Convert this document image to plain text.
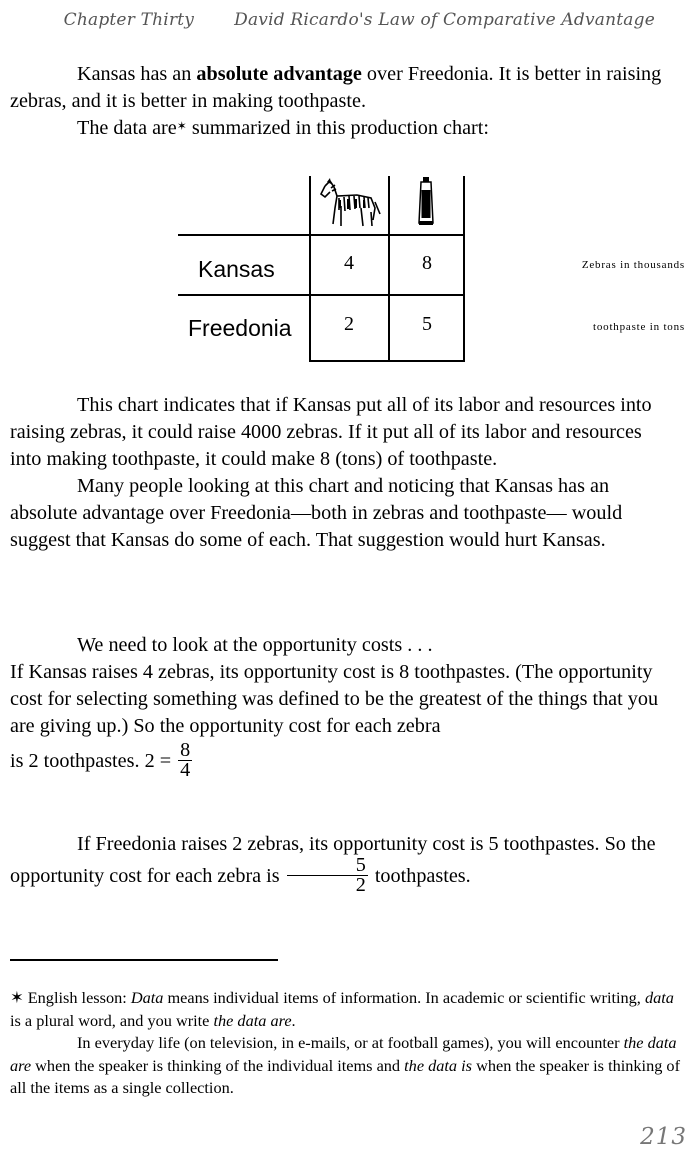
Chapter Thirty David Ricardo's Law of Comparative Advantage

Kansas has an absolute advantage over Freedonia. It is better in raising zebras, and it is better in making toothpaste.

The data are✶ summarized in this production chart:

Kansas	4	8
Freedonia	2	5
Zebras in thousands
toothpaste in tons

This chart indicates that if Kansas put all of its labor and resources into raising zebras, it could raise 4000 zebras. If it put all of its labor and resources into making toothpaste, it could make 8 (tons) of toothpaste.

Many people looking at this chart and noticing that Kansas has an absolute advantage over Freedonia—both in zebras and toothpaste— would suggest that Kansas do some of each. That suggestion would hurt Kansas.

We need to look at the opportunity costs . . .

If Kansas raises 4 zebras, its opportunity cost is 8 toothpastes. (The opportunity cost for selecting something was defined to be the greatest of the things that you are giving up.) So the opportunity cost for each zebra

is 2 toothpastes. $2 = \frac{8}{4}$

If Freedonia raises 2 zebras, its opportunity cost is 5 toothpastes. So the opportunity cost for each zebra is $\frac{5}{2}$ toothpastes.

✶ English lesson: Data means individual items of information. In academic or scientific writing, data is a plural word, and you write the data are.

In everyday life (on television, in e-mails, or at football games), you will encounter the data are when the speaker is thinking of the individual items and the data is when the speaker is thinking of all the items as a single collection.

213
